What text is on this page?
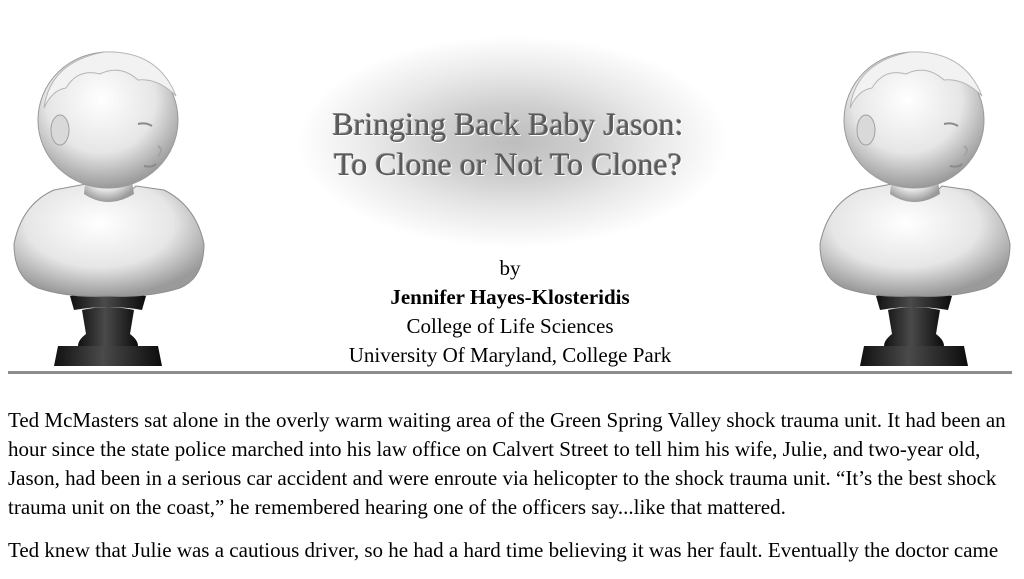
Bringing Back Baby Jason:
To Clone or Not To Clone?
by
Jennifer Hayes-Klosteridis
College of Life Sciences
University Of Maryland, College Park

Ted McMasters sat alone in the overly warm waiting area of the Green Spring Valley shock trauma unit. It had been an hour since the state police marched into his law office on Calvert Street to tell him his wife, Julie, and two-year old, Jason, had been in a serious car accident and were enroute via helicopter to the shock trauma unit. “It’s the best shock trauma unit on the coast,” he remembered hearing one of the officers say...like that mattered.

Ted knew that Julie was a cautious driver, so he had a hard time believing it was her fault. Eventually the doctor came
